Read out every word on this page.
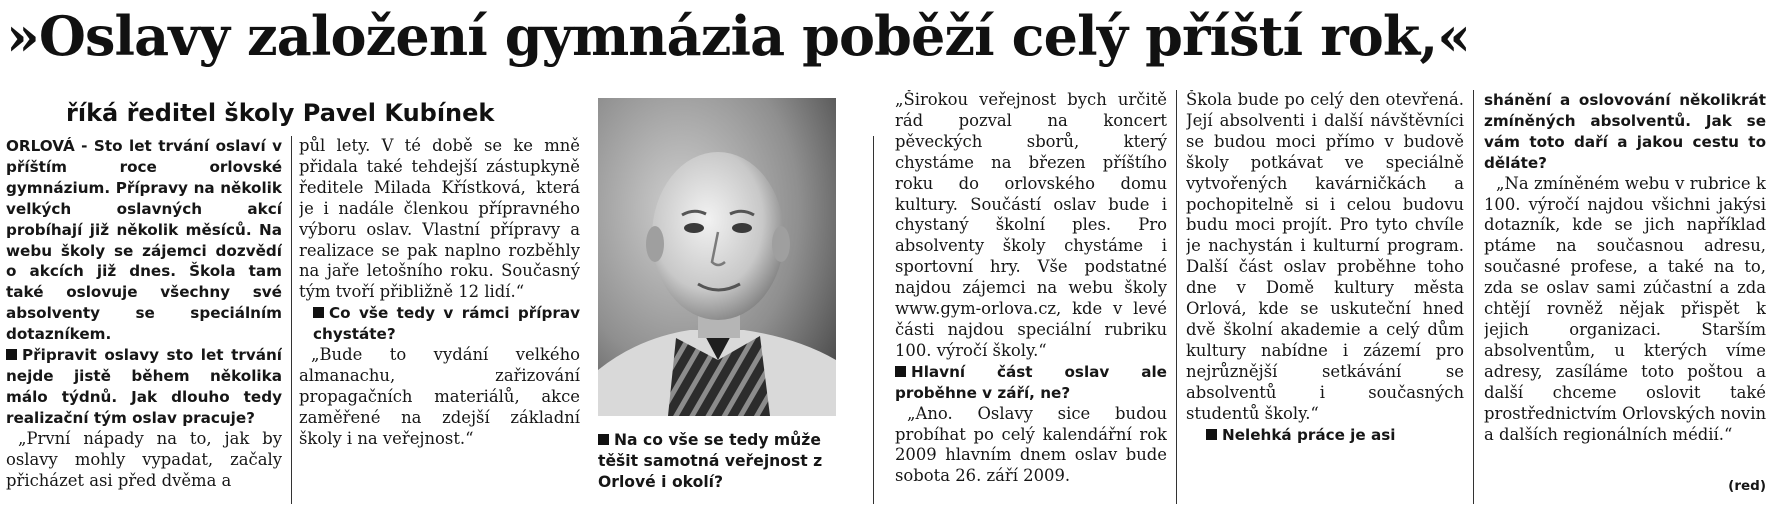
»Oslavy založení gymnázia poběží celý příští rok,«
říká ředitel školy Pavel Kubínek

ORLOVÁ - Sto let trvání oslaví v příštím roce orlovské gymnázium. Přípravy na několik velkých oslavných akcí probíhají již několik měsíců. Na webu školy se zájemci dozvědí o akcích již dnes. Škola tam také oslovuje všechny své absolventy se speciálním dotazníkem.

Připravit oslavy sto let trvání nejde jistě během několika málo týdnů. Jak dlouho tedy realizační tým oslav pracuje?

„První nápady na to, jak by oslavy mohly vypadat, začaly přicházet asi před dvěma a

půl lety. V té době se ke mně přidala také tehdejší zástupkyně ředitele Milada Křístková, která je i nadále členkou přípravného výboru oslav. Vlastní přípravy a realizace se pak naplno rozběhly na jaře letošního roku. Současný tým tvoří přibližně 12 lidí.“

Co vše tedy v rámci příprav chystáte?

„Bude to vydání velkého almanachu, zařizování propagačních materiálů, akce zaměřené na zdejší základní školy i na veřejnost.“	Na co vše se tedy může těšit samotná veřejnost z Orlové i okolí?

„Širokou veřejnost bych určitě rád pozval na koncert pěveckých sborů, který chystáme na březen příštího roku do orlovského domu kultury. Součástí oslav bude i chystaný školní ples. Pro absolventy školy chystáme i sportovní hry. Vše podstatné najdou zájemci na webu školy www.gym-orlova.cz, kde v levé části najdou speciální rubriku 100. výročí školy.“

Hlavní část oslav ale proběhne v září, ne?

„Ano. Oslavy sice budou probíhat po celý kalendářní rok 2009 hlavním dnem oslav bude sobota 26. září 2009.

Škola bude po celý den otevřená. Její absolventi i další návštěvníci se budou moci přímo v budově školy potkávat ve speciálně vytvořených kavárničkách a pochopitelně si i celou budovu budu moci projít. Pro tyto chvíle je nachystán i kulturní program. Další část oslav proběhne toho dne v Domě kultury města Orlová, kde se uskuteční hned dvě školní akademie a celý dům kultury nabídne i zázemí pro nejrůznější setkávání se absolventů i současných studentů školy.“

Nelehká práce je asi

shánění a oslovování několikrát zmíněných absolventů. Jak se vám toto daří a jakou cestu to děláte?

„Na zmíněném webu v rubrice k 100. výročí najdou všichni jakýsi dotazník, kde se jich například ptáme na současnou adresu, současné profese, a také na to, zda se oslav sami zúčastní a zda chtějí rovněž nějak přispět k jejich organizaci. Starším absolventům, u kterých víme adresy, zasíláme toto poštou a další chceme oslovit také prostřednictvím Orlovských novin a dalších regionálních médií.“

(red)
